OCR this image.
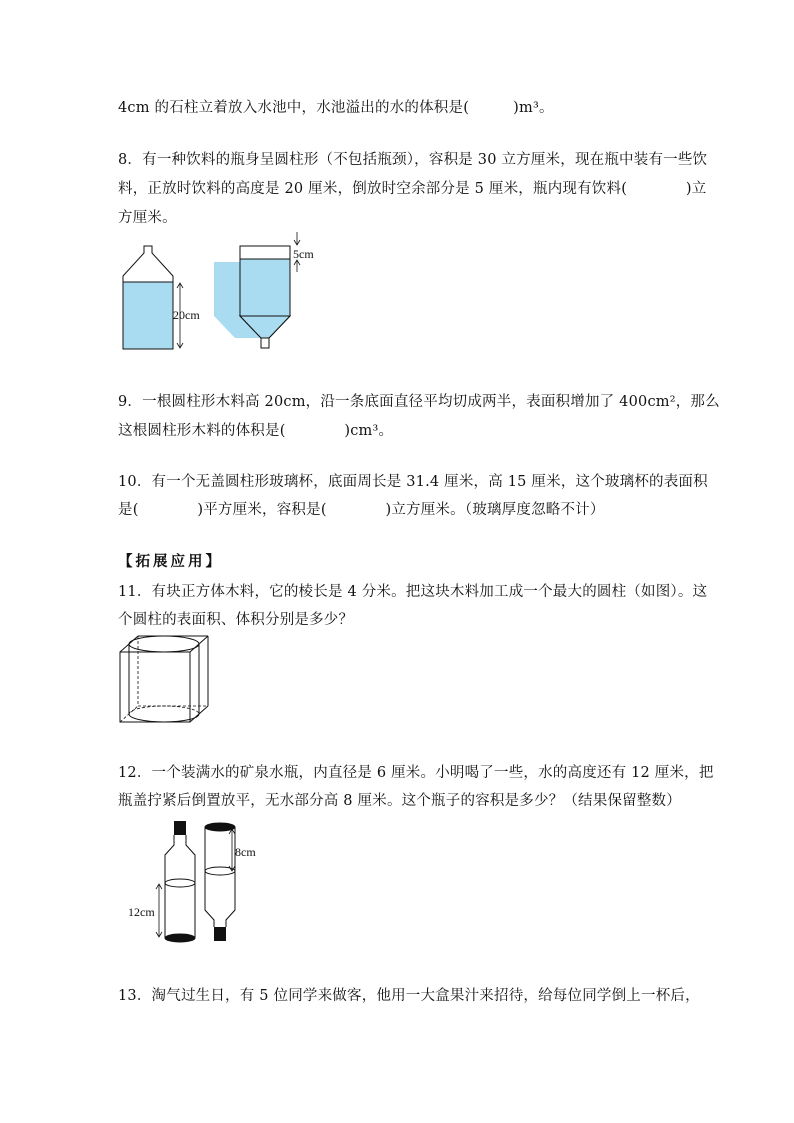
4cm 的石柱立着放入水池中，水池溢出的水的体积是(　　　)m³。
8．有一种饮料的瓶身呈圆柱形（不包括瓶颈），容积是 30 立方厘米，现在瓶中装有一些饮
料，正放时饮料的高度是 20 厘米，倒放时空余部分是 5 厘米，瓶内现有饮料(　　　　)立
方厘米。
20cm
5cm
9．一根圆柱形木料高 20cm，沿一条底面直径平均切成两半，表面积增加了 400cm²，那么
这根圆柱形木料的体积是(　　　　)cm³。
10．有一个无盖圆柱形玻璃杯，底面周长是 31.4 厘米，高 15 厘米，这个玻璃杯的表面积
是(　　　　)平方厘米，容积是(　　　　)立方厘米。（玻璃厚度忽略不计）
【拓展应用】
11．有块正方体木料，它的棱长是 4 分米。把这块木料加工成一个最大的圆柱（如图）。这
个圆柱的表面积、体积分别是多少？
12．一个装满水的矿泉水瓶，内直径是 6 厘米。小明喝了一些，水的高度还有 12 厘米，把
瓶盖拧紧后倒置放平，无水部分高 8 厘米。这个瓶子的容积是多少？（结果保留整数）
12cm
8cm
13．淘气过生日，有 5 位同学来做客，他用一大盒果汁来招待，给每位同学倒上一杯后，
